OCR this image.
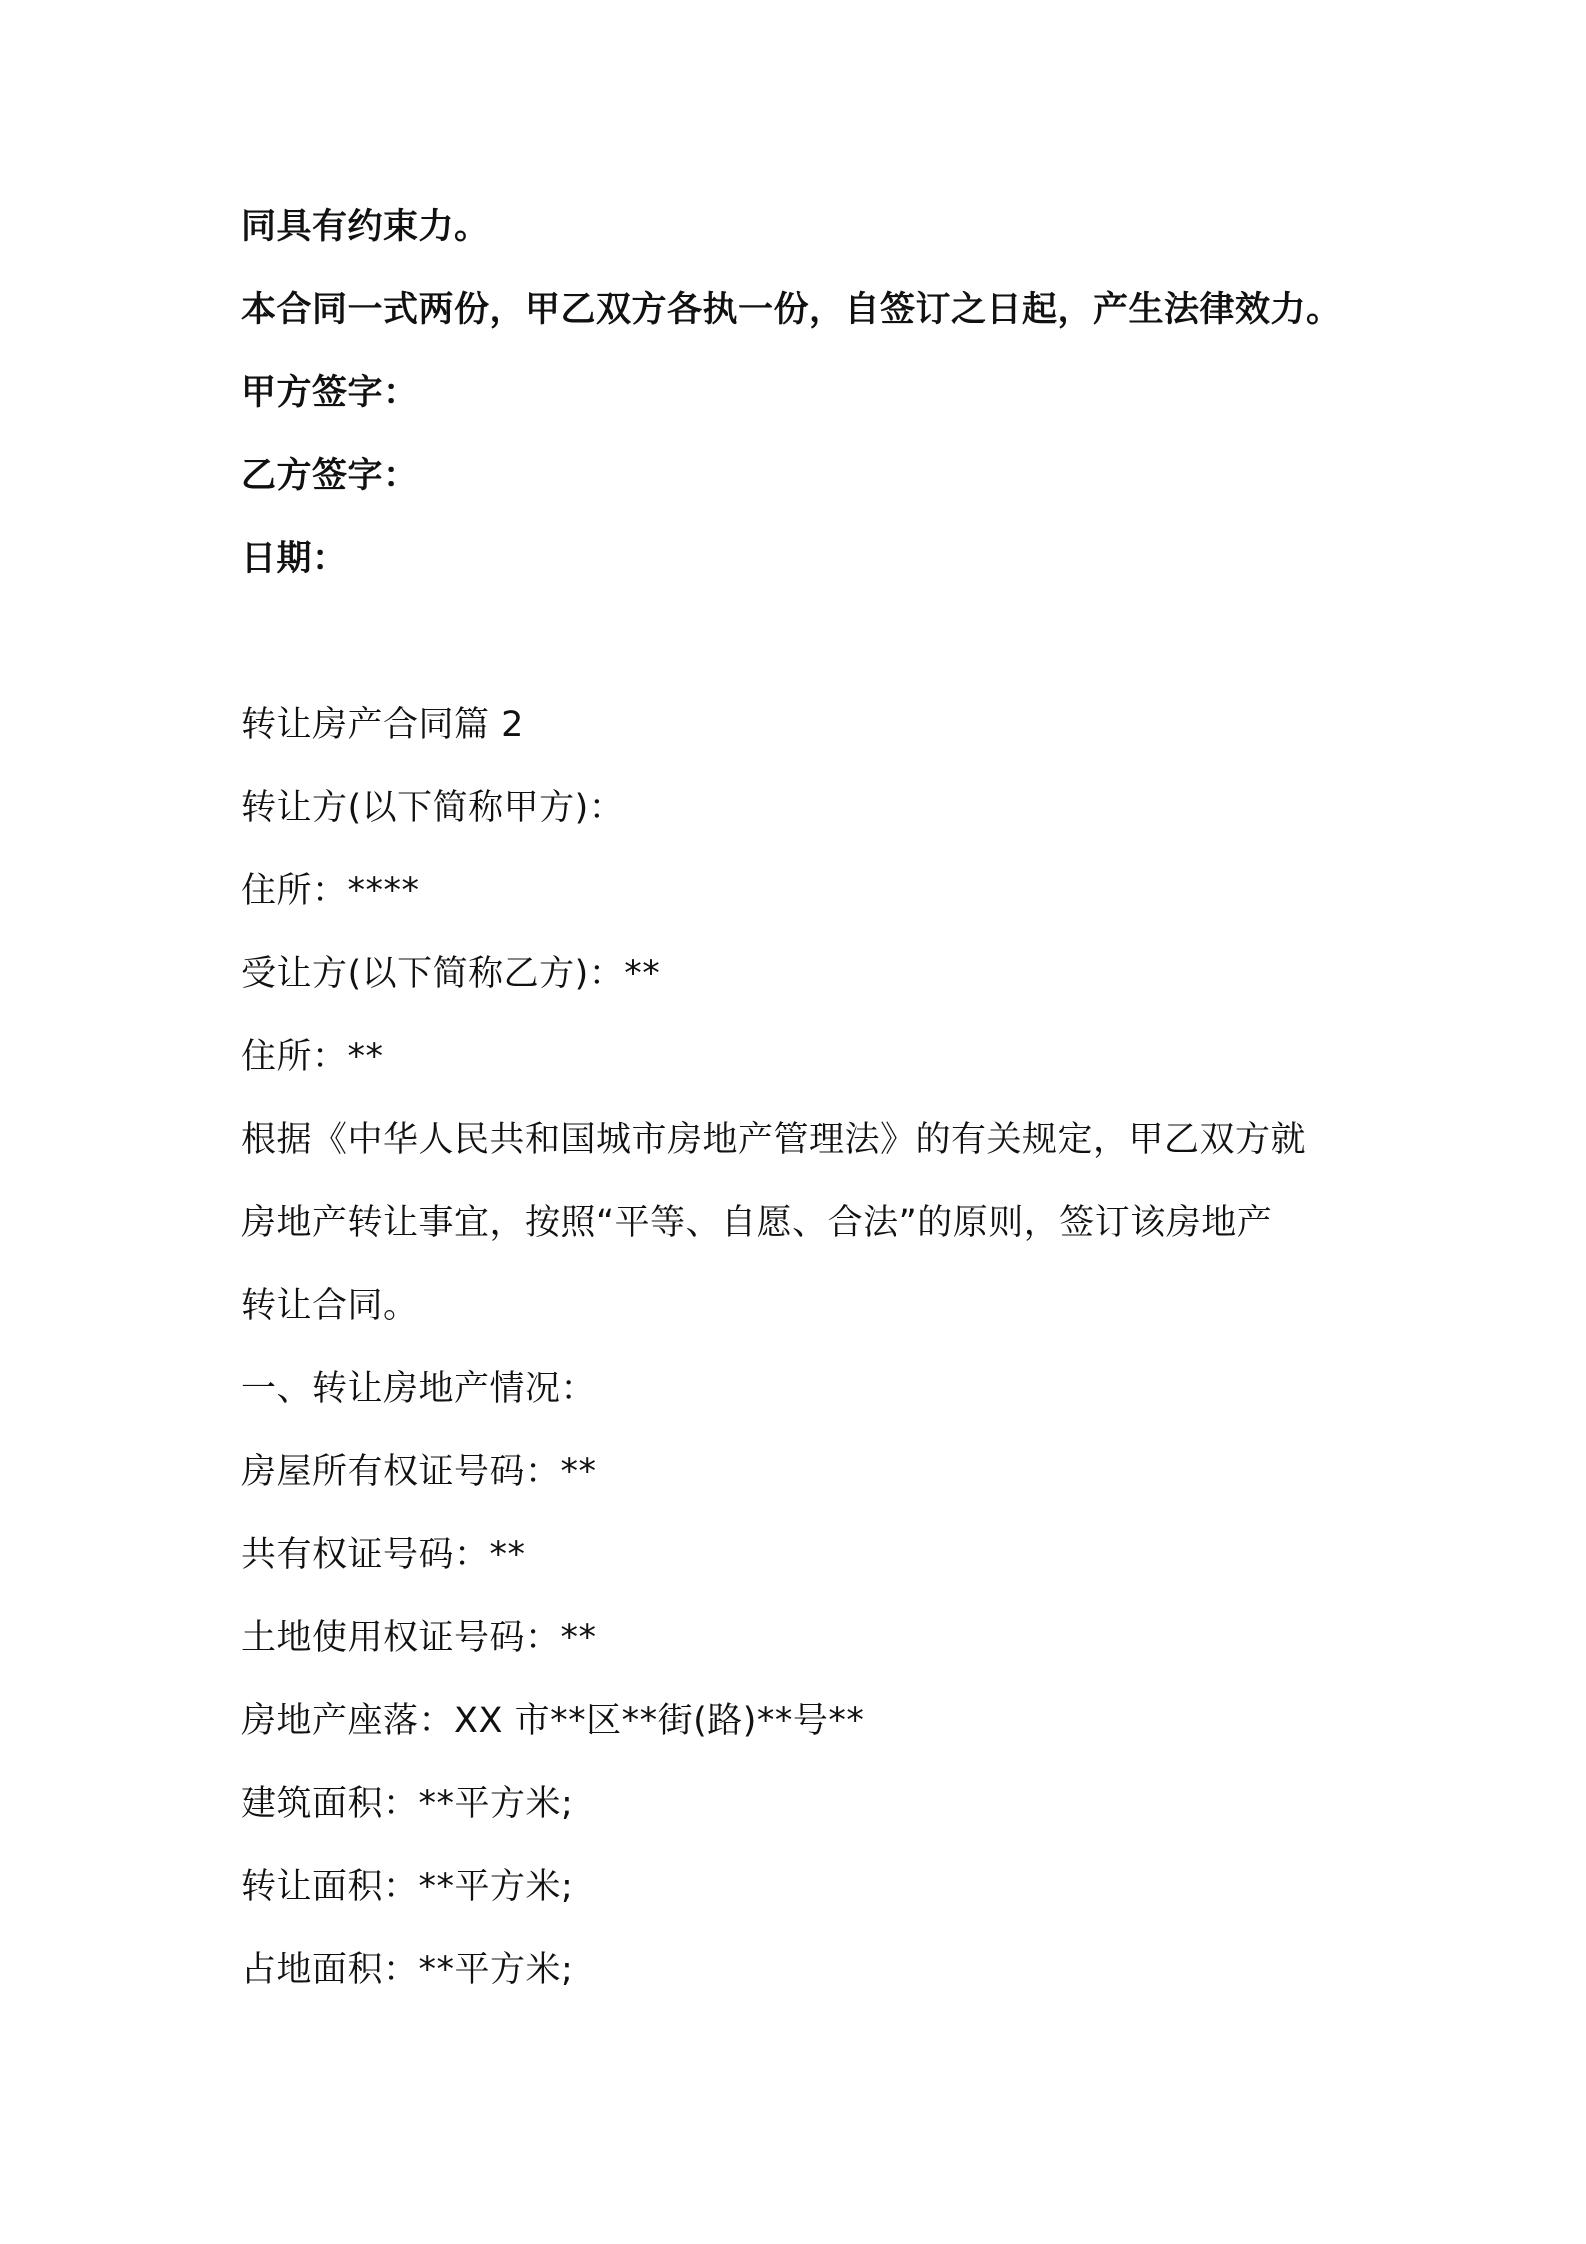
同具有约束力。
本合同一式两份，甲乙双方各执一份，自签订之日起，产生法律效力。
甲方签字：
乙方签字：
日期：
转让房产合同篇 2
转让方(以下简称甲方)：
住所：****
受让方(以下简称乙方)：**
住所：**
根据《中华人民共和国城市房地产管理法》的有关规定，甲乙双方就
房地产转让事宜，按照“平等、自愿、合法”的原则，签订该房地产
转让合同。
一、转让房地产情况：
房屋所有权证号码：**
共有权证号码：**
土地使用权证号码：**
房地产座落：XX 市**区**街(路)**号**
建筑面积：**平方米;
转让面积：**平方米;
占地面积：**平方米;
